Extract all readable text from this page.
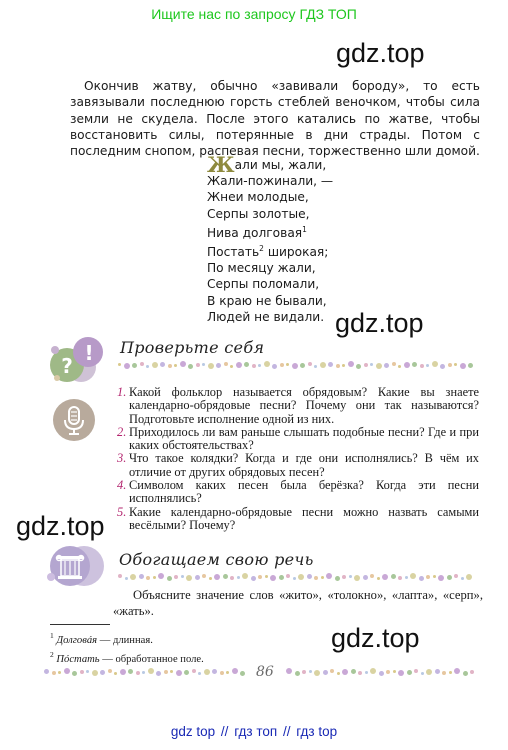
Ищите нас по запросу ГДЗ ТОП
gdz.top
gdz.top
gdz.top
gdz.top

Окончив жатву, обычно «завивали бороду», то есть завязывали последнюю горсть стеблей веночком, чтобы сила земли не скудела. После этого катались по жатве, чтобы восстановить силы, потерянные в дни страды. Потом с последним снопом, распевая песни, торжественно шли домой.

Жали мы, жали,
Жали-пожинали, —
Жнеи молодые,
Серпы золотые,
Нива долговая$^1$
Постать$^2$ широкая;
По месяцу жали,
Серпы поломали,
В краю не бывали,
Людей не видали.
?
! Проверьте себя

1. Какой фольклор называется обрядовым? Какие вы знаете календарно-обрядовые песни? Почему они так называются? Подготовьте исполнение одной из них.

2. Приходилось ли вам раньше слышать подобные песни? Где и при каких обстоятельствах?

3. Что такое колядки? Когда и где они исполнялись? В чём их отличие от других обрядовых песен?

4. Символом каких песен была берёзка? Когда эти песни исполнялись?

5. Какие календарно-обрядовые песни можно назвать самыми весёлыми? Почему?

Обогащаем свою речь

Объясните значение слов «жито», «толокно», «лапта», «серп», «жать».

$^1$ Долговáя — длинная.
$^2$ Пóстать — обработанное поле.
86
gdz top // гдз топ // гдз top
